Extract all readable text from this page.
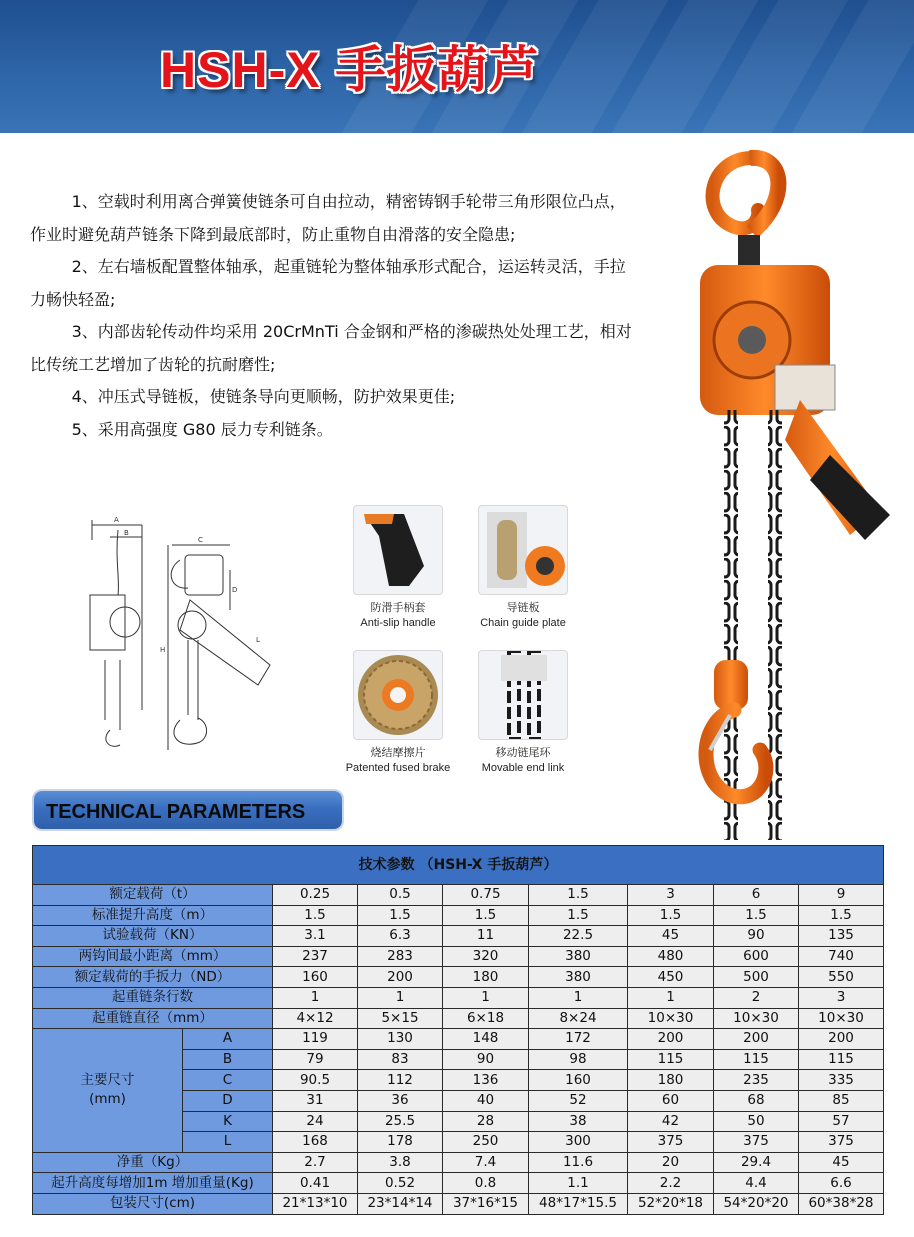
HSH-X 手扳葫芦

1、空载时利用离合弹簧使链条可自由拉动，精密铸钢手轮带三角形限位凸点，作业时避免葫芦链条下降到最底部时，防止重物自由滑落的安全隐患;

2、左右墙板配置整体轴承，起重链轮为整体轴承形式配合，运运转灵活，手拉力畅快轻盈;

3、内部齿轮传动件均采用 20CrMnTi 合金钢和严格的渗碳热处处理工艺，相对比传统工艺增加了齿轮的抗耐磨性;

4、冲压式导链板，使链条导向更顺畅，防护效果更佳;

5、采用高强度 G80 辰力专利链条。

A
B
C
D
H
L
防滑手柄套
Anti-slip handle
导链板
Chain guide plate
烧结摩擦片
Patented fused brake
移动链尾环
Movable end link
TECHNICAL PARAMETERS
技术参数 （HSH-X 手扳葫芦）								
额定载荷（t）		0.25	0.5	0.75	1.5	3	6	9
标准提升高度（m）		1.5	1.5	1.5	1.5	1.5	1.5	1.5
试验载荷（KN）		3.1	6.3	11	22.5	45	90	135
两钩间最小距离（mm）		237	283	320	380	480	600	740
额定载荷的手扳力（ND）		160	200	180	380	450	500	550
起重链条行数		1	1	1	1	1	2	3
起重链直径（mm）		4×12	5×15	6×18	8×24	10×30	10×30	10×30

主要尺寸
(mm)	A	119	130	148	172	200	200	200
	B	79	83	90	98	115	115	115
	C	90.5	112	136	160	180	235	335
	D	31	36	40	52	60	68	85
	K	24	25.5	28	38	42	50	57
	L	168	178	250	300	375	375	375
净重（Kg）		2.7	3.8	7.4	11.6	20	29.4	45
起升高度每增加1m 增加重量(Kg)		0.41	0.52	0.8	1.1	2.2	4.4	6.6
包装尺寸(cm)		21*13*10	23*14*14	37*16*15	48*17*15.5	52*20*18	54*20*20	60*38*28
